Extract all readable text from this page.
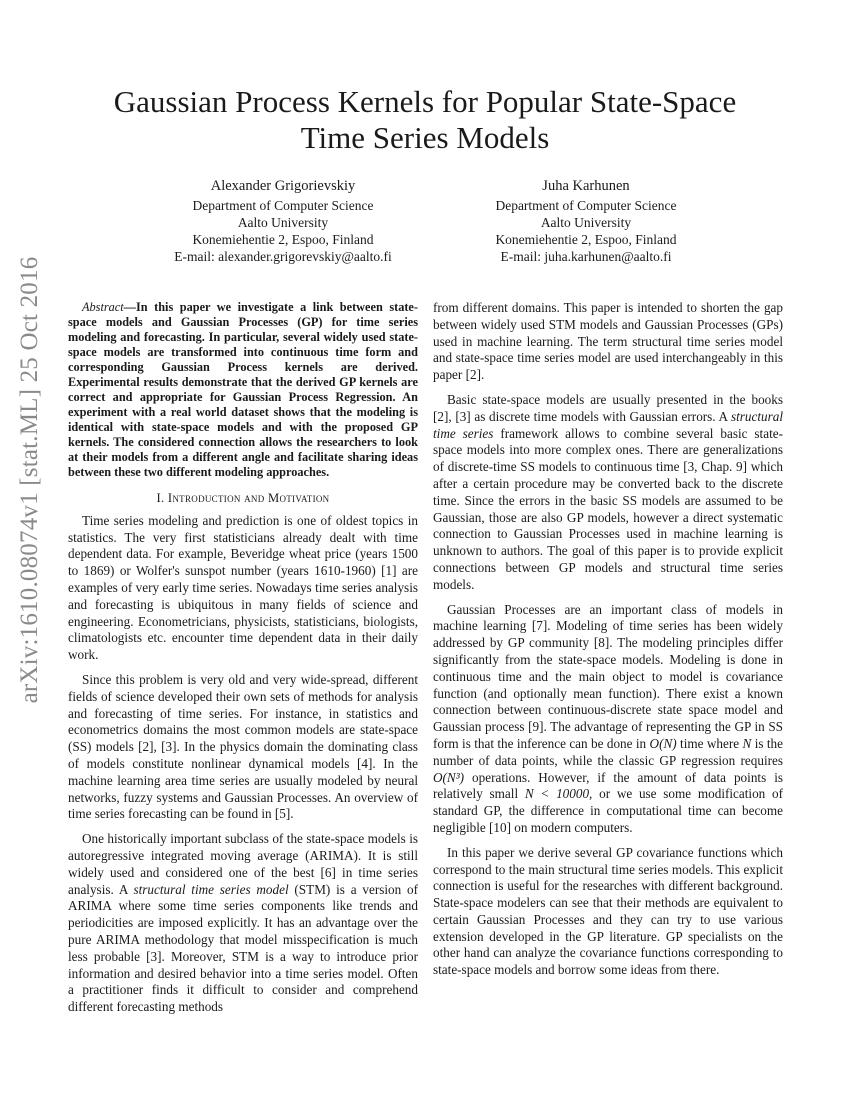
arXiv:1610.08074v1 [stat.ML] 25 Oct 2016
Gaussian Process Kernels for Popular State-Space
Time Series Models
Alexander Grigorievskiy
Department of Computer Science
Aalto University
Konemiehentie 2, Espoo, Finland
E-mail: alexander.grigorevskiy@aalto.fi
Juha Karhunen
Department of Computer Science
Aalto University
Konemiehentie 2, Espoo, Finland
E-mail: juha.karhunen@aalto.fi

Abstract—In this paper we investigate a link between state-space models and Gaussian Processes (GP) for time series modeling and forecasting. In particular, several widely used state-space models are transformed into continuous time form and corresponding Gaussian Process kernels are derived. Experimental results demonstrate that the derived GP kernels are correct and appropriate for Gaussian Process Regression. An experiment with a real world dataset shows that the modeling is identical with state-space models and with the proposed GP kernels. The considered connection allows the researchers to look at their models from a different angle and facilitate sharing ideas between these two different modeling approaches.

I. Introduction and Motivation

Time series modeling and prediction is one of oldest topics in statistics. The very first statisticians already dealt with time dependent data. For example, Beveridge wheat price (years 1500 to 1869) or Wolfer's sunspot number (years 1610-1960) [1] are examples of very early time series. Nowadays time series analysis and forecasting is ubiquitous in many fields of science and engineering. Econometricians, physicists, statisticians, biologists, climatologists etc. encounter time dependent data in their daily work.

Since this problem is very old and very wide-spread, different fields of science developed their own sets of methods for analysis and forecasting of time series. For instance, in statistics and econometrics domains the most common models are state-space (SS) models [2], [3]. In the physics domain the dominating class of models constitute nonlinear dynamical models [4]. In the machine learning area time series are usually modeled by neural networks, fuzzy systems and Gaussian Processes. An overview of time series forecasting can be found in [5].

One historically important subclass of the state-space models is autoregressive integrated moving average (ARIMA). It is still widely used and considered one of the best [6] in time series analysis. A structural time series model (STM) is a version of ARIMA where some time series components like trends and periodicities are imposed explicitly. It has an advantage over the pure ARIMA methodology that model misspecification is much less probable [3]. Moreover, STM is a way to introduce prior information and desired behavior into a time series model. Often a practitioner finds it difficult to consider and comprehend different forecasting methods

from different domains. This paper is intended to shorten the gap between widely used STM models and Gaussian Processes (GPs) used in machine learning. The term structural time series model and state-space time series model are used interchangeably in this paper [2].

Basic state-space models are usually presented in the books [2], [3] as discrete time models with Gaussian errors. A structural time series framework allows to combine several basic state-space models into more complex ones. There are generalizations of discrete-time SS models to continuous time [3, Chap. 9] which after a certain procedure may be converted back to the discrete time. Since the errors in the basic SS models are assumed to be Gaussian, those are also GP models, however a direct systematic connection to Gaussian Processes used in machine learning is unknown to authors. The goal of this paper is to provide explicit connections between GP models and structural time series models.

Gaussian Processes are an important class of models in machine learning [7]. Modeling of time series has been widely addressed by GP community [8]. The modeling principles differ significantly from the state-space models. Modeling is done in continuous time and the main object to model is covariance function (and optionally mean function). There exist a known connection between continuous-discrete state space model and Gaussian process [9]. The advantage of representing the GP in SS form is that the inference can be done in O(N) time where N is the number of data points, while the classic GP regression requires O(N³) operations. However, if the amount of data points is relatively small N < 10000, or we use some modification of standard GP, the difference in computational time can become negligible [10] on modern computers.

In this paper we derive several GP covariance functions which correspond to the main structural time series models. This explicit connection is useful for the researches with different background. State-space modelers can see that their methods are equivalent to certain Gaussian Processes and they can try to use various extension developed in the GP literature. GP specialists on the other hand can analyze the covariance functions corresponding to state-space models and borrow some ideas from there.
